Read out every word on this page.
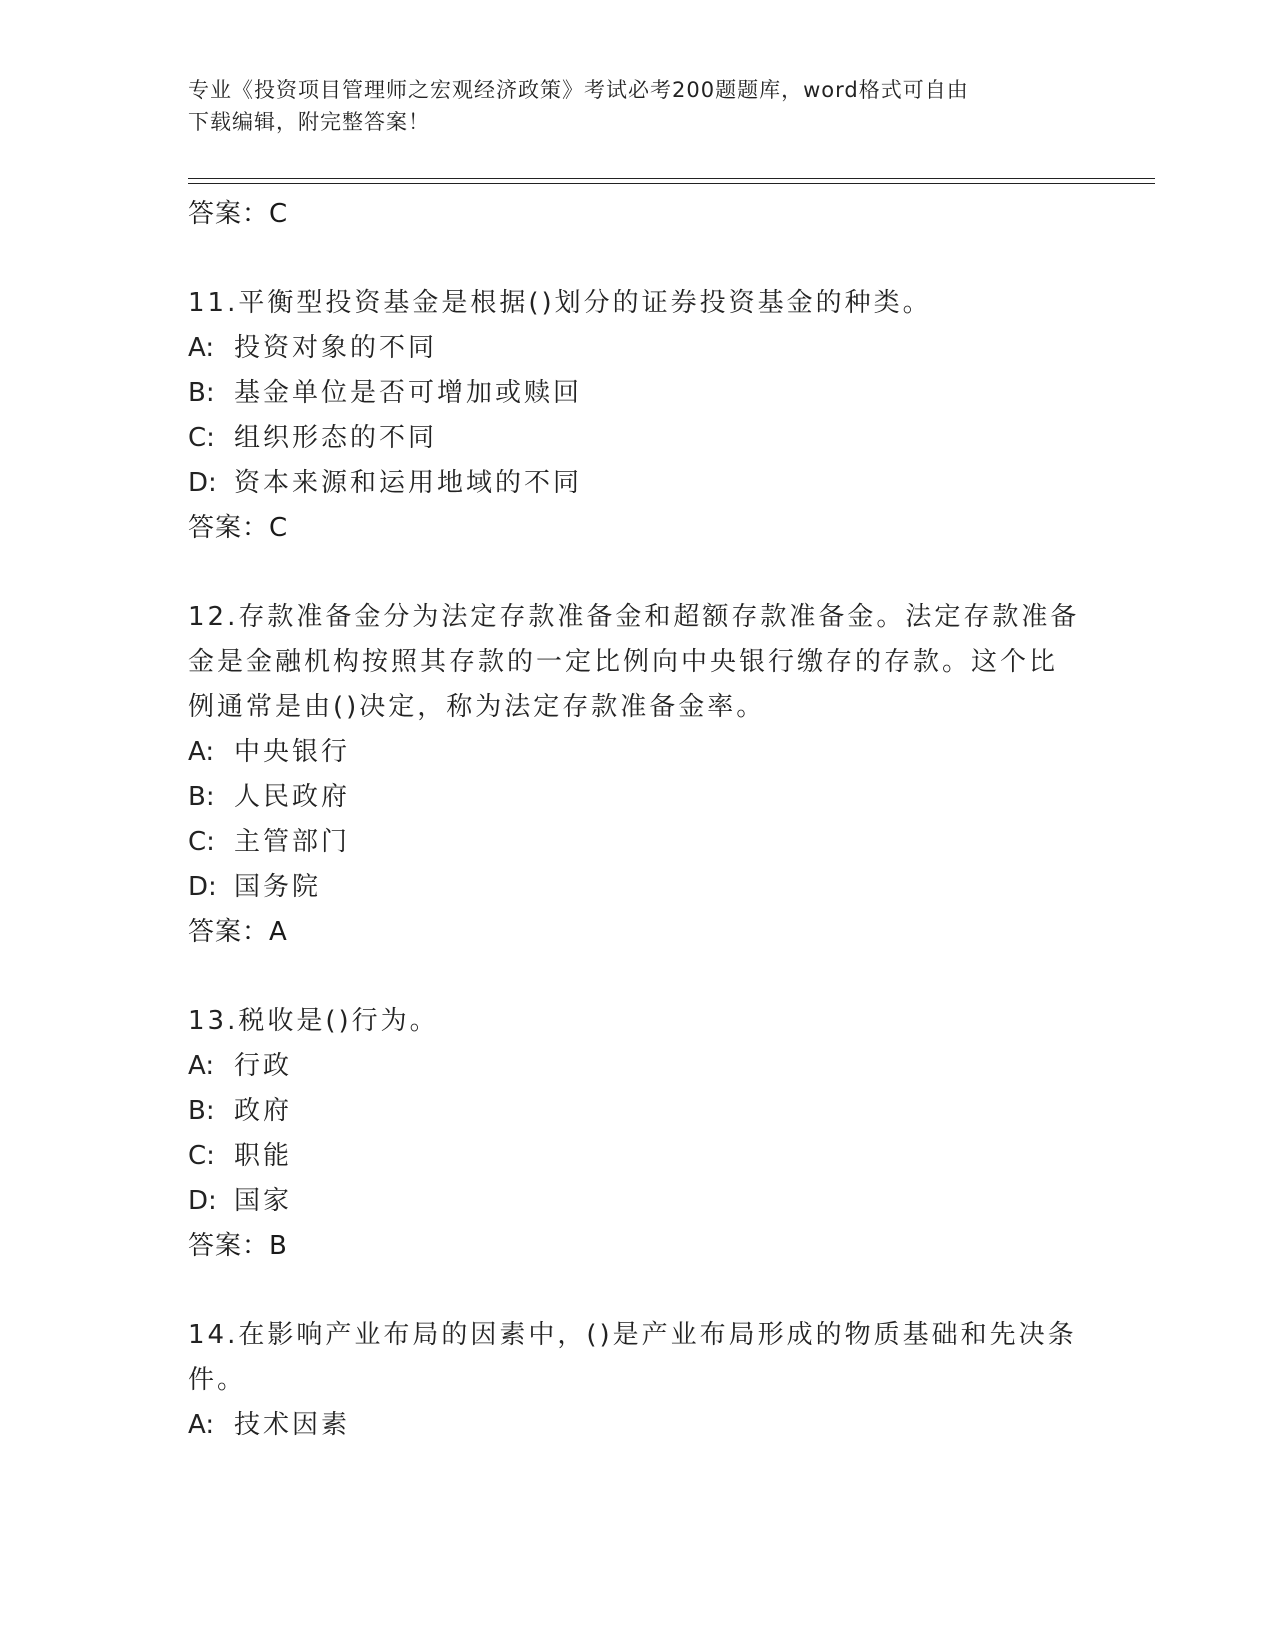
专业《投资项目管理师之宏观经济政策》考试必考200题题库，word格式可自由
下载编辑，附完整答案！
答案：C
11.平衡型投资基金是根据()划分的证券投资基金的种类。
A: 投资对象的不同
B: 基金单位是否可增加或赎回
C: 组织形态的不同
D: 资本来源和运用地域的不同
答案：C
12.存款准备金分为法定存款准备金和超额存款准备金。法定存款准备
金是金融机构按照其存款的一定比例向中央银行缴存的存款。这个比
例通常是由()决定，称为法定存款准备金率。
A: 中央银行
B: 人民政府
C: 主管部门
D: 国务院
答案：A
13.税收是()行为。
A: 行政
B: 政府
C: 职能
D: 国家
答案：B
14.在影响产业布局的因素中，()是产业布局形成的物质基础和先决条
件。
A: 技术因素
